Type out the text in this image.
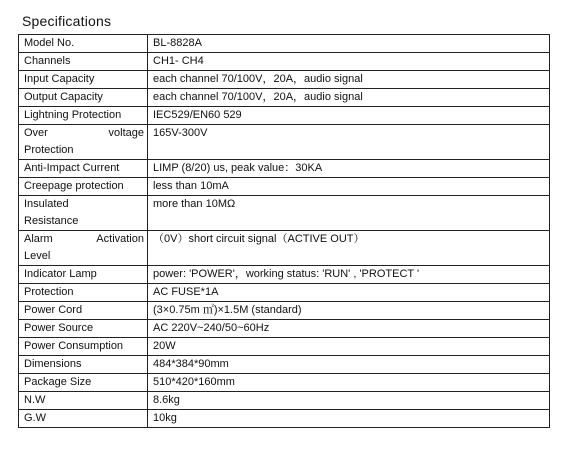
Specifications
Model No.	BL-8828A
Channels	CH1- CH4
Input Capacity	each channel 70/100V，20A，audio signal
Output Capacity	each channel 70/100V，20A，audio signal
Lightning Protection	IEC529/EN60 529

Over voltage
Protection	165V-300V
Anti-Impact Current	LIMP (8/20) us, peak value：30KA
Creepage protection	less than 10mA

Insulated
Resistance	more than 10MΩ

Alarm Activation
Level	（0V）short circuit signal（ACTIVE OUT）
Indicator Lamp	power: 'POWER'，working status: 'RUN' , 'PROTECT '
Protection	AC FUSE*1A
Power Cord	(3×0.75m ㎡)×1.5M (standard)
Power Source	AC 220V~240/50~60Hz
Power Consumption	20W
Dimensions	484*384*90mm
Package Size	510*420*160mm
N.W	8.6kg
G.W	10kg
